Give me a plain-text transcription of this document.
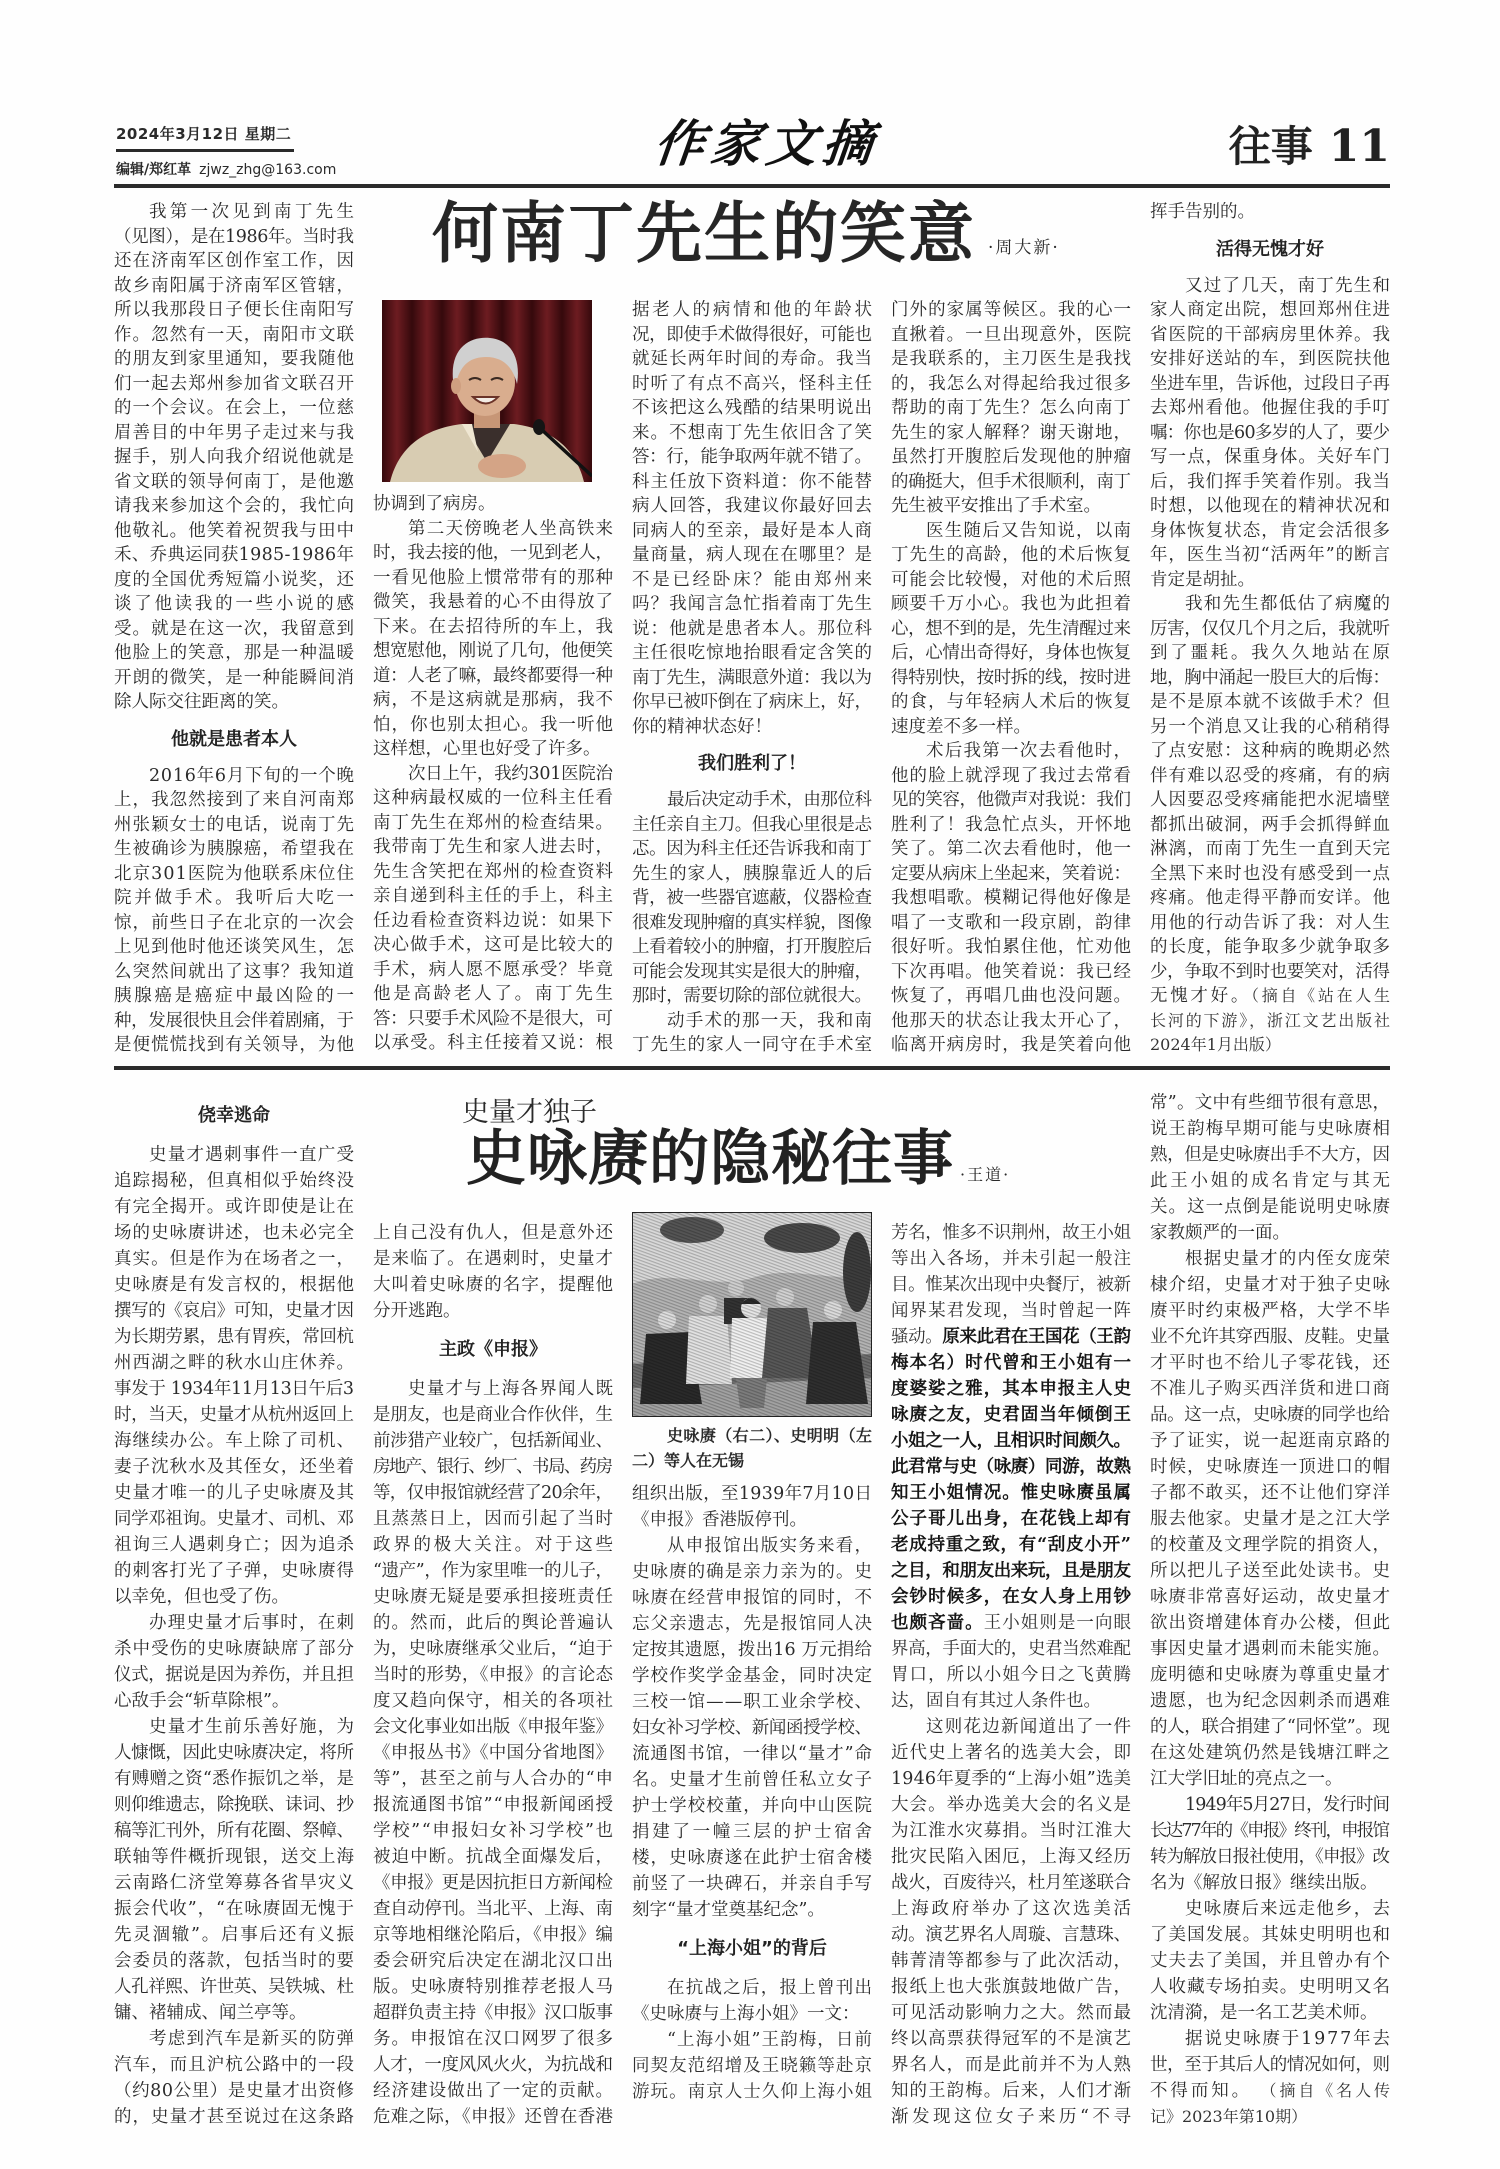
2024年3月12日 星期二
编辑/郑红革 zjwz_zhg@163.com	作家文摘	往事 11
何南丁先生的笑意 ·周大新·
我第一次见到南丁先生
（见图），是在1986年。当时我
还在济南军区创作室工作，因
故乡南阳属于济南军区管辖，
所以我那段日子便长住南阳写
作。忽然有一天，南阳市文联
的朋友到家里通知，要我随他
们一起去郑州参加省文联召开
的一个会议。在会上，一位慈
眉善目的中年男子走过来与我
握手，别人向我介绍说他就是
省文联的领导何南丁，是他邀
请我来参加这个会的，我忙向
他敬礼。他笑着祝贺我与田中
禾、乔典运同获1985-1986年
度的全国优秀短篇小说奖，还
谈了他读我的一些小说的感
受。就是在这一次，我留意到
他脸上的笑意，那是一种温暖
开朗的微笑，是一种能瞬间消
除人际交往距离的笑。
他就是患者本人
2016年6月下旬的一个晚
上，我忽然接到了来自河南郑
州张颖女士的电话，说南丁先
生被确诊为胰腺癌，希望我在
北京301医院为他联系床位住
院并做手术。我听后大吃一
惊，前些日子在北京的一次会
上见到他时他还谈笑风生，怎
么突然间就出了这事？我知道
胰腺癌是癌症中最凶险的一
种，发展很快且会伴着剧痛，于
是便慌慌找到有关领导，为他
协调到了病房。
第二天傍晚老人坐高铁来
时，我去接的他，一见到老人，
一看见他脸上惯常带有的那种
微笑，我悬着的心不由得放了
下来。在去招待所的车上，我
想宽慰他，刚说了几句，他便笑
道：人老了嘛，最终都要得一种
病，不是这病就是那病，我不
怕，你也别太担心。我一听他
这样想，心里也好受了许多。
次日上午，我约301医院治
这种病最权威的一位科主任看
南丁先生在郑州的检查结果。
我带南丁先生和家人进去时，
先生含笑把在郑州的检查资料
亲自递到科主任的手上，科主
任边看检查资料边说：如果下
决心做手术，这可是比较大的
手术，病人愿不愿承受？毕竟
他是高龄老人了。南丁先生
答：只要手术风险不是很大，可
以承受。科主任接着又说：根
据老人的病情和他的年龄状
况，即使手术做得很好，可能也
就延长两年时间的寿命。我当
时听了有点不高兴，怪科主任
不该把这么残酷的结果明说出
来。不想南丁先生依旧含了笑
答：行，能争取两年就不错了。
科主任放下资料道：你不能替
病人回答，我建议你最好回去
同病人的至亲，最好是本人商
量商量，病人现在在哪里？是
不是已经卧床？能由郑州来
吗？我闻言急忙指着南丁先生
说：他就是患者本人。那位科
主任很吃惊地抬眼看定含笑的
南丁先生，满眼意外道：我以为
你早已被吓倒在了病床上，好，
你的精神状态好！
我们胜利了！
最后决定动手术，由那位科
主任亲自主刀。但我心里很是忐
忑。因为科主任还告诉我和南丁
先生的家人，胰腺靠近人的后
背，被一些器官遮蔽，仪器检查
很难发现肿瘤的真实样貌，图像
上看着较小的肿瘤，打开腹腔后
可能会发现其实是很大的肿瘤，
那时，需要切除的部位就很大。
动手术的那一天，我和南
丁先生的家人一同守在手术室
门外的家属等候区。我的心一
直揪着。一旦出现意外，医院
是我联系的，主刀医生是我找
的，我怎么对得起给我过很多
帮助的南丁先生？怎么向南丁
先生的家人解释？谢天谢地，
虽然打开腹腔后发现他的肿瘤
的确挺大，但手术很顺利，南丁
先生被平安推出了手术室。
医生随后又告知说，以南
丁先生的高龄，他的术后恢复
可能会比较慢，对他的术后照
顾要千万小心。我也为此担着
心，想不到的是，先生清醒过来
后，心情出奇得好，身体也恢复
得特别快，按时拆的线，按时进
的食，与年轻病人术后的恢复
速度差不多一样。
术后我第一次去看他时，
他的脸上就浮现了我过去常看
见的笑容，他微声对我说：我们
胜利了！我急忙点头，开怀地
笑了。第二次去看他时，他一
定要从病床上坐起来，笑着说：
我想唱歌。模糊记得他好像是
唱了一支歌和一段京剧，韵律
很好听。我怕累住他，忙劝他
下次再唱。他笑着说：我已经
恢复了，再唱几曲也没问题。
他那天的状态让我太开心了，
临离开病房时，我是笑着向他
挥手告别的。
活得无愧才好
又过了几天，南丁先生和
家人商定出院，想回郑州住进
省医院的干部病房里休养。我
安排好送站的车，到医院扶他
坐进车里，告诉他，过段日子再
去郑州看他。他握住我的手叮
嘱：你也是60多岁的人了，要少
写一点，保重身体。关好车门
后，我们挥手笑着作别。我当
时想，以他现在的精神状况和
身体恢复状态，肯定会活很多
年，医生当初“活两年”的断言
肯定是胡扯。
我和先生都低估了病魔的
厉害，仅仅几个月之后，我就听
到了噩耗。我久久地站在原
地，胸中涌起一股巨大的后悔：
是不是原本就不该做手术？但
另一个消息又让我的心稍稍得
了点安慰：这种病的晚期必然
伴有难以忍受的疼痛，有的病
人因要忍受疼痛能把水泥墙壁
都抓出破洞，两手会抓得鲜血
淋漓，而南丁先生一直到天完
全黑下来时也没有感受到一点
疼痛。他走得平静而安详。他
用他的行动告诉了我：对人生
的长度，能争取多少就争取多
少，争取不到时也要笑对，活得
无愧才好。（摘自《站在人生
长河的下游》，浙江文艺出版社
2024年1月出版）
史量才独子
史咏赓的隐秘往事 ·王道·
侥幸逃命
史量才遇刺事件一直广受
追踪揭秘，但真相似乎始终没
有完全揭开。或许即使是让在
场的史咏赓讲述，也未必完全
真实。但是作为在场者之一，
史咏赓是有发言权的，根据他
撰写的《哀启》可知，史量才因
为长期劳累，患有胃疾，常回杭
州西湖之畔的秋水山庄休养。
事发于 1934年11月13日午后3
时，当天，史量才从杭州返回上
海继续办公。车上除了司机、
妻子沈秋水及其侄女，还坐着
史量才唯一的儿子史咏赓及其
同学邓祖询。史量才、司机、邓
祖询三人遇刺身亡；因为追杀
的刺客打光了子弹，史咏赓得
以幸免，但也受了伤。
办理史量才后事时，在刺
杀中受伤的史咏赓缺席了部分
仪式，据说是因为养伤，并且担
心敌手会“斩草除根”。
史量才生前乐善好施，为
人慷慨，因此史咏赓决定，将所
有赙赠之资“悉作振饥之举，是
则仰维遗志，除挽联、诔词、抄
稿等汇刊外，所有花圈、祭幛、
联轴等件概折现银，送交上海
云南路仁济堂筹募各省旱灾义
振会代收”，“在咏赓固无愧于
先灵涸辙”。启事后还有义振
会委员的落款，包括当时的要
人孔祥熙、许世英、吴铁城、杜
镛、褚辅成、闻兰亭等。
考虑到汽车是新买的防弹
汽车，而且沪杭公路中的一段
（约80公里）是史量才出资修
的，史量才甚至说过在这条路
上自己没有仇人，但是意外还
是来临了。在遇刺时，史量才
大叫着史咏赓的名字，提醒他
分开逃跑。
主政《申报》
史量才与上海各界闻人既
是朋友，也是商业合作伙伴，生
前涉猎产业较广，包括新闻业、
房地产、银行、纱厂、书局、药房
等，仅申报馆就经营了20余年，
且蒸蒸日上，因而引起了当时
政界的极大关注。对于这些
“遗产”，作为家里唯一的儿子，
史咏赓无疑是要承担接班责任
的。然而，此后的舆论普遍认
为，史咏赓继承父业后，“迫于
当时的形势，《申报》的言论态
度又趋向保守，相关的各项社
会文化事业如出版《申报年鉴》
《申报丛书》《中国分省地图》
等”，甚至之前与人合办的“申
报流通图书馆”“申报新闻函授
学校”“申报妇女补习学校”也
被迫中断。抗战全面爆发后，
《申报》更是因抗拒日方新闻检
查自动停刊。当北平、上海、南
京等地相继沦陷后，《申报》编
委会研究后决定在湖北汉口出
版。史咏赓特别推荐老报人马
超群负责主持《申报》汉口版事
务。申报馆在汉口网罗了很多
人才，一度风风火火，为抗战和
经济建设做出了一定的贡献。
危难之际，《申报》还曾在香港
史咏赓（右二）、史明明（左
二）等人在无锡
组织出版，至1939年7月10日
《申报》香港版停刊。
从申报馆出版实务来看，
史咏赓的确是亲力亲为的。史
咏赓在经营申报馆的同时，不
忘父亲遗志，先是报馆同人决
定按其遗愿，拨出16 万元捐给
学校作奖学金基金，同时决定
三校一馆——职工业余学校、
妇女补习学校、新闻函授学校、
流通图书馆，一律以“量才”命
名。史量才生前曾任私立女子
护士学校校董，并向中山医院
捐建了一幢三层的护士宿舍
楼，史咏赓遂在此护士宿舍楼
前竖了一块碑石，并亲自手写
刻字“量才堂奠基纪念”。
“上海小姐”的背后
在抗战之后，报上曾刊出
《史咏赓与上海小姐》一文：
“上海小姐”王韵梅，日前
同契友范绍增及王晓籁等赴京
游玩。南京人士久仰上海小姐
芳名，惟多不识荆州，故王小姐
等出入各场，并未引起一般注
目。惟某次出现中央餐厅，被新
闻界某君发现，当时曾起一阵
骚动。原来此君在王国花（王韵
梅本名）时代曾和王小姐有一
度婆娑之雅，其本申报主人史
咏赓之友，史君固当年倾倒王
小姐之一人，且相识时间颇久。
此君常与史（咏赓）同游，故熟
知王小姐情况。惟史咏赓虽属
公子哥儿出身，在花钱上却有
老成持重之致，有“刮皮小开”
之目，和朋友出来玩，且是朋友
会钞时候多，在女人身上用钞
也颇吝啬。王小姐则是一向眼
界高，手面大的，史君当然难配
胃口，所以小姐今日之飞黄腾
达，固自有其过人条件也。
这则花边新闻道出了一件
近代史上著名的选美大会，即
1946年夏季的“上海小姐”选美
大会。举办选美大会的名义是
为江淮水灾募捐。当时江淮大
批灾民陷入困厄，上海又经历
战火，百废待兴，杜月笙遂联合
上海政府举办了这次选美活
动。演艺界名人周璇、言慧珠、
韩菁清等都参与了此次活动，
报纸上也大张旗鼓地做广告，
可见活动影响力之大。然而最
终以高票获得冠军的不是演艺
界名人，而是此前并不为人熟
知的王韵梅。后来，人们才渐
渐发现这位女子来历“不寻
常”。文中有些细节很有意思，
说王韵梅早期可能与史咏赓相
熟，但是史咏赓出手不大方，因
此王小姐的成名肯定与其无
关。这一点倒是能说明史咏赓
家教颇严的一面。
根据史量才的内侄女庞荣
棣介绍，史量才对于独子史咏
赓平时约束极严格，大学不毕
业不允许其穿西服、皮鞋。史量
才平时也不给儿子零花钱，还
不准儿子购买西洋货和进口商
品。这一点，史咏赓的同学也给
予了证实，说一起逛南京路的
时候，史咏赓连一顶进口的帽
子都不敢买，还不让他们穿洋
服去他家。史量才是之江大学
的校董及文理学院的捐资人，
所以把儿子送至此处读书。史
咏赓非常喜好运动，故史量才
欲出资增建体育办公楼，但此
事因史量才遇刺而未能实施。
庞明德和史咏赓为尊重史量才
遗愿，也为纪念因刺杀而遇难
的人，联合捐建了“同怀堂”。现
在这处建筑仍然是钱塘江畔之
江大学旧址的亮点之一。
1949年5月27日，发行时间
长达77年的《申报》终刊，申报馆
转为解放日报社使用，《申报》改
名为《解放日报》继续出版。
史咏赓后来远走他乡，去
了美国发展。其妹史明明也和
丈夫去了美国，并且曾办有个
人收藏专场拍卖。史明明又名
沈清漪，是一名工艺美术师。
据说史咏赓于1977年去
世，至于其后人的情况如何，则
不得而知。 （摘自《名人传
记》2023年第10期）
